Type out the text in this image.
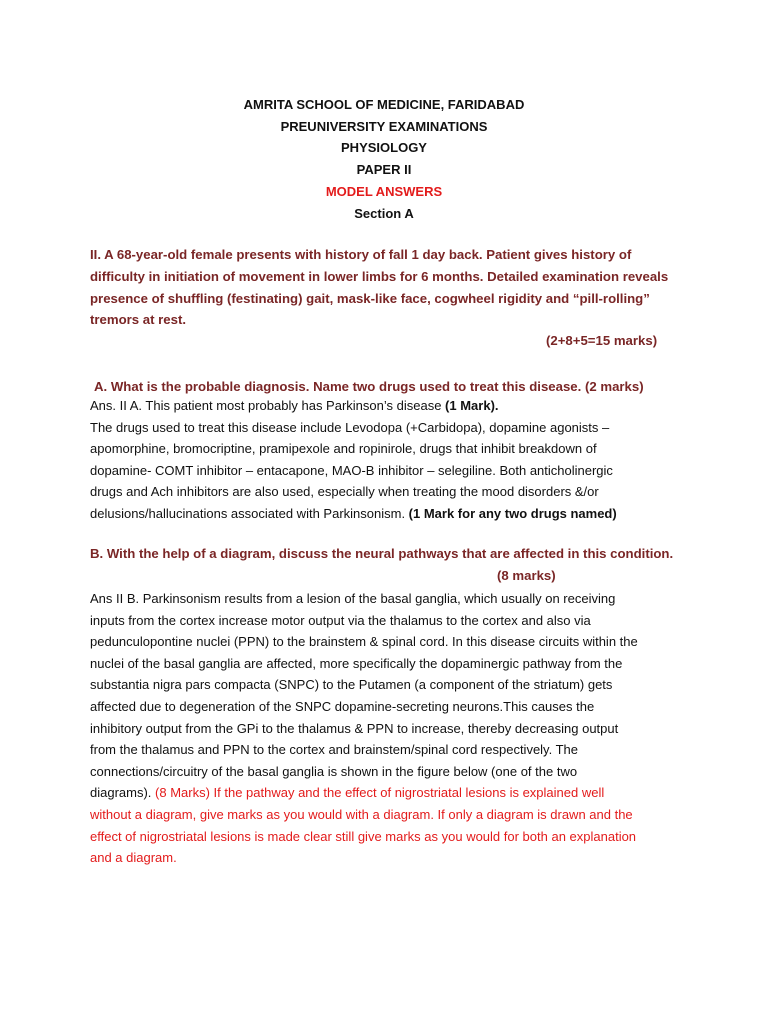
AMRITA SCHOOL OF MEDICINE, FARIDABAD
PREUNIVERSITY EXAMINATIONS
PHYSIOLOGY
PAPER II
MODEL ANSWERS
Section A
II. A 68-year-old female presents with history of fall 1 day back. Patient gives history of
difficulty in initiation of movement in lower limbs for 6 months. Detailed examination reveals
presence of shuffling (festinating) gait, mask-like face, cogwheel rigidity and “pill-rolling”
tremors at rest.
(2+8+5=15 marks)
A. What is the probable diagnosis. Name two drugs used to treat this disease. (2 marks)
Ans. II A. This patient most probably has Parkinson’s disease (1 Mark).
The drugs used to treat this disease include Levodopa (+Carbidopa), dopamine agonists –
apomorphine, bromocriptine, pramipexole and ropinirole, drugs that inhibit breakdown of
dopamine- COMT inhibitor – entacapone, MAO-B inhibitor – selegiline. Both anticholinergic
drugs and Ach inhibitors are also used, especially when treating the mood disorders &/or
delusions/hallucinations associated with Parkinsonism. (1 Mark for any two drugs named)
B. With the help of a diagram, discuss the neural pathways that are affected in this condition.
(8 marks)
Ans II B. Parkinsonism results from a lesion of the basal ganglia, which usually on receiving
inputs from the cortex increase motor output via the thalamus to the cortex and also via
pedunculopontine nuclei (PPN) to the brainstem & spinal cord. In this disease circuits within the
nuclei of the basal ganglia are affected, more specifically the dopaminergic pathway from the
substantia nigra pars compacta (SNPC) to the Putamen (a component of the striatum) gets
affected due to degeneration of the SNPC dopamine-secreting neurons.This causes the
inhibitory output from the GPi to the thalamus & PPN to increase, thereby decreasing output
from the thalamus and PPN to the cortex and brainstem/spinal cord respectively. The
connections/circuitry of the basal ganglia is shown in the figure below (one of the two
diagrams). (8 Marks) If the pathway and the effect of nigrostriatal lesions is explained well
without a diagram, give marks as you would with a diagram. If only a diagram is drawn and the
effect of nigrostriatal lesions is made clear still give marks as you would for both an explanation
and a diagram.
